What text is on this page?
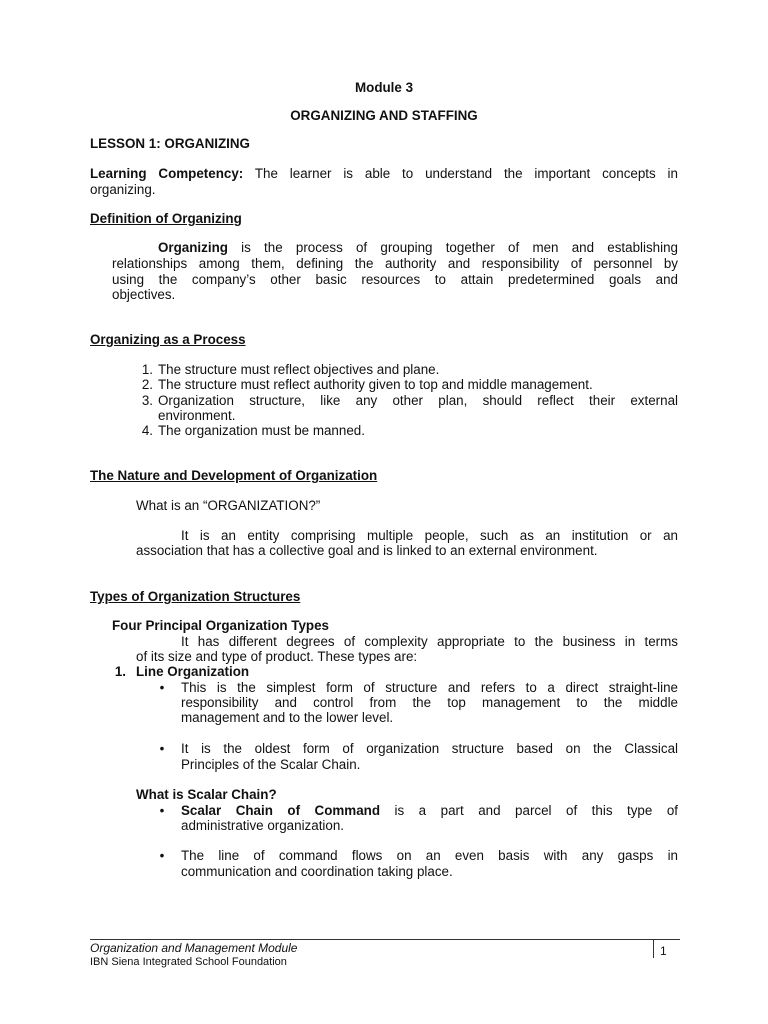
Module 3
ORGANIZING AND STAFFING
LESSON 1: ORGANIZING
Learning Competency: The learner is able to understand the important concepts in
organizing.
Definition of Organizing
Organizing is the process of grouping together of men and establishing
relationships among them, defining the authority and responsibility of personnel by
using the company’s other basic resources to attain predetermined goals and
objectives.
Organizing as a Process
1. The structure must reflect objectives and plane.
2. The structure must reflect authority given to top and middle management.
3. Organization structure, like any other plan, should reflect their external
environment.
4. The organization must be manned.
The Nature and Development of Organization
What is an “ORGANIZATION?”
It is an entity comprising multiple people, such as an institution or an
association that has a collective goal and is linked to an external environment.
Types of Organization Structures
Four Principal Organization Types
It has different degrees of complexity appropriate to the business in terms
of its size and type of product. These types are:
1. Line Organization
•	This is the simplest form of structure and refers to a direct straight-line
responsibility and control from the top management to the middle
management and to the lower level.
•	It is the oldest form of organization structure based on the Classical
Principles of the Scalar Chain.
What is Scalar Chain?
•	Scalar Chain of Command is a part and parcel of this type of
administrative organization.
•	The line of command flows on an even basis with any gasps in
communication and coordination taking place.
Organization and Management Module
IBN Siena Integrated School Foundation
1
